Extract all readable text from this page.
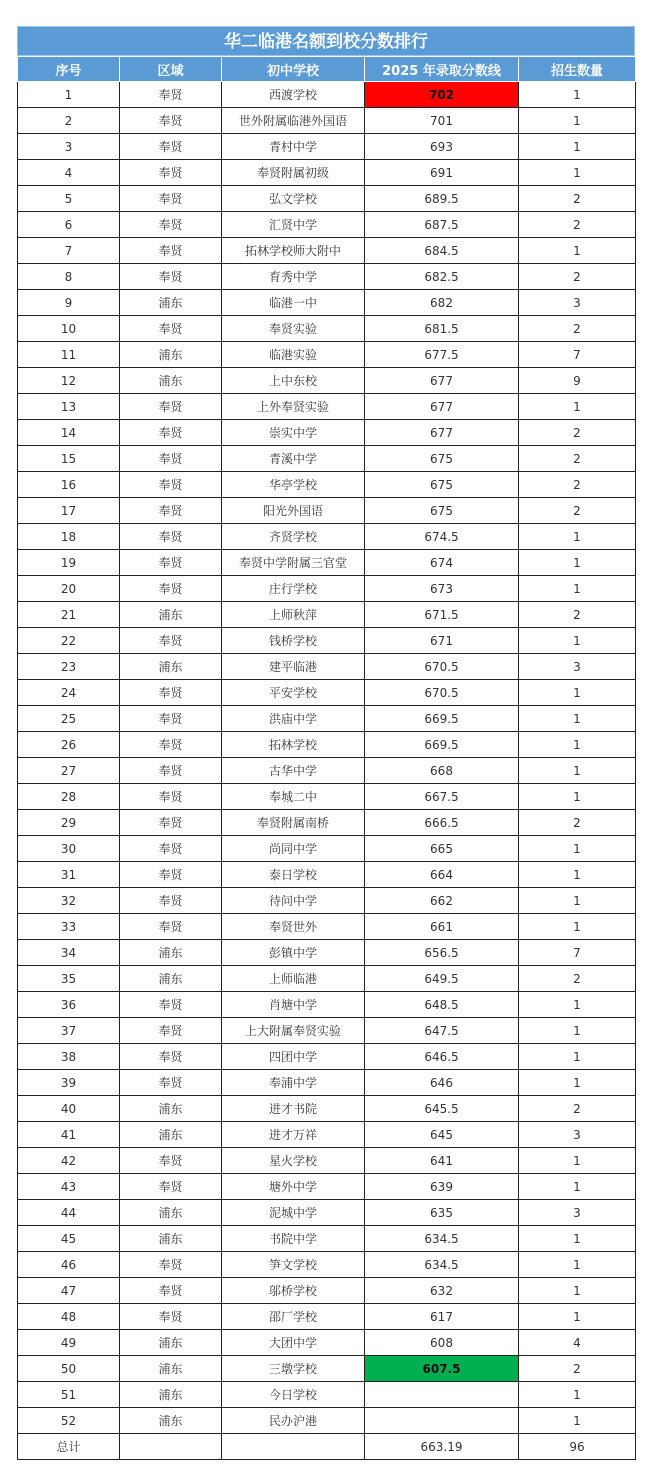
华二临港名额到校分数排行
序号	区域	初中学校	2025 年录取分数线	招生数量
1	奉贤	西渡学校	702	1
2	奉贤	世外附属临港外国语	701	1
3	奉贤	青村中学	693	1
4	奉贤	奉贤附属初级	691	1
5	奉贤	弘文学校	689.5	2
6	奉贤	汇贤中学	687.5	2
7	奉贤	拓林学校师大附中	684.5	1
8	奉贤	育秀中学	682.5	2
9	浦东	临港一中	682	3
10	奉贤	奉贤实验	681.5	2
11	浦东	临港实验	677.5	7
12	浦东	上中东校	677	9
13	奉贤	上外奉贤实验	677	1
14	奉贤	崇实中学	677	2
15	奉贤	青溪中学	675	2
16	奉贤	华亭学校	675	2
17	奉贤	阳光外国语	675	2
18	奉贤	齐贤学校	674.5	1
19	奉贤	奉贤中学附属三官堂	674	1
20	奉贤	庄行学校	673	1
21	浦东	上师秋萍	671.5	2
22	奉贤	钱桥学校	671	1
23	浦东	建平临港	670.5	3
24	奉贤	平安学校	670.5	1
25	奉贤	洪庙中学	669.5	1
26	奉贤	拓林学校	669.5	1
27	奉贤	古华中学	668	1
28	奉贤	奉城二中	667.5	1
29	奉贤	奉贤附属南桥	666.5	2
30	奉贤	尚同中学	665	1
31	奉贤	泰日学校	664	1
32	奉贤	待问中学	662	1
33	奉贤	奉贤世外	661	1
34	浦东	彭镇中学	656.5	7
35	浦东	上师临港	649.5	2
36	奉贤	肖塘中学	648.5	1
37	奉贤	上大附属奉贤实验	647.5	1
38	奉贤	四团中学	646.5	1
39	奉贤	奉浦中学	646	1
40	浦东	进才书院	645.5	2
41	浦东	进才万祥	645	3
42	奉贤	星火学校	641	1
43	奉贤	塘外中学	639	1
44	浦东	泥城中学	635	3
45	浦东	书院中学	634.5	1
46	奉贤	笋文学校	634.5	1
47	奉贤	邬桥学校	632	1
48	奉贤	邵厂学校	617	1
49	浦东	大团中学	608	4
50	浦东	三墩学校	607.5	2
51	浦东	今日学校		1
52	浦东	民办沪港		1
总计			663.19	96
